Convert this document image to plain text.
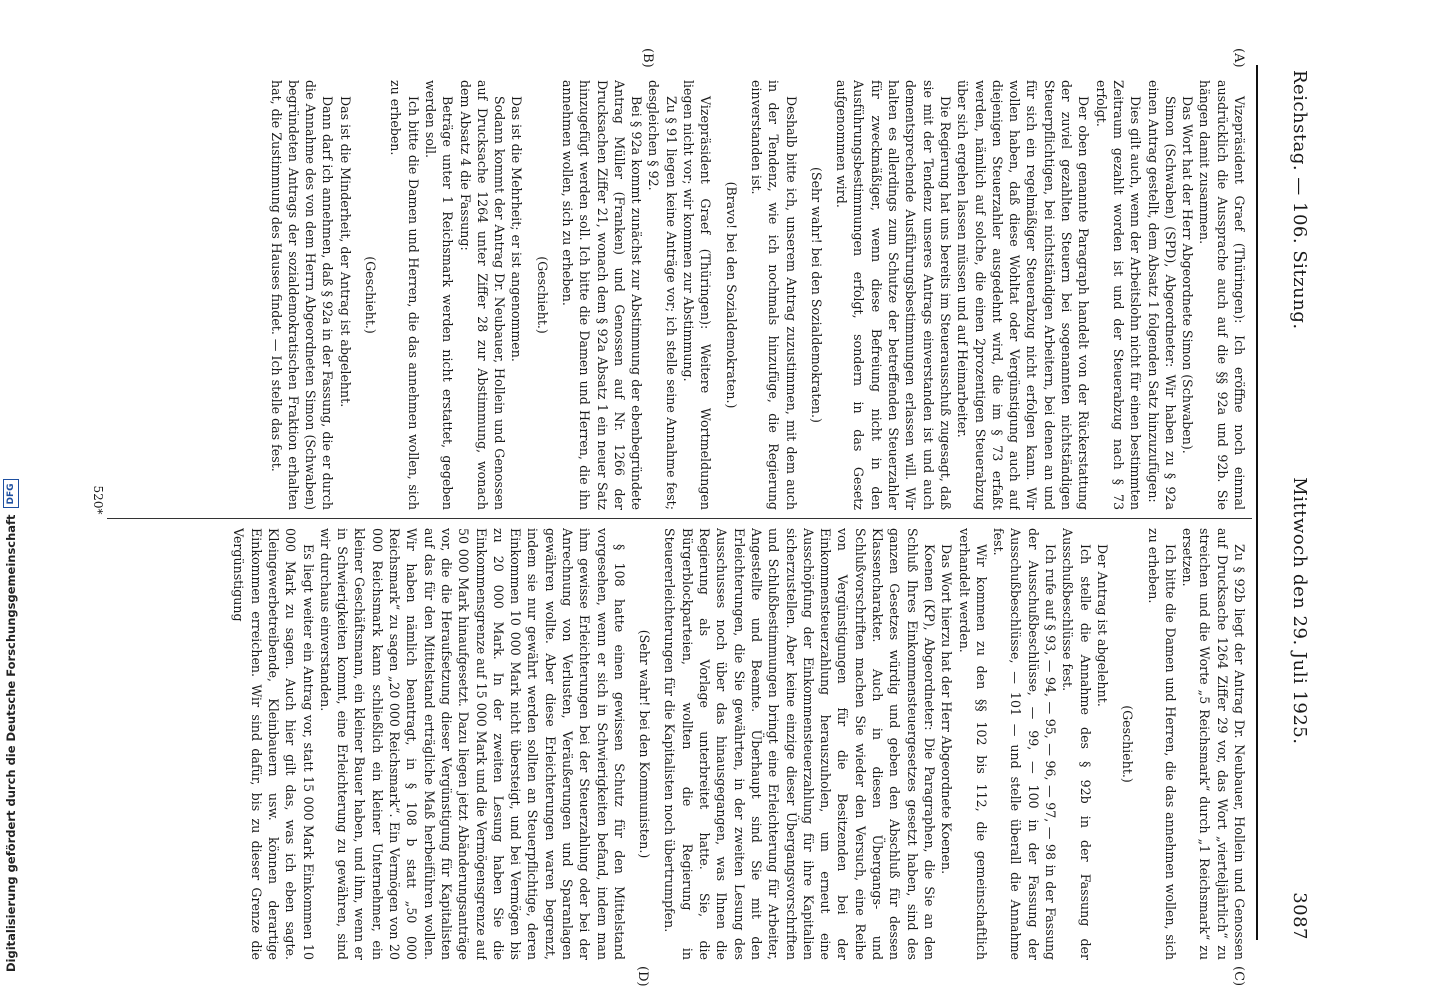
Reichstag. — 106. Sitzung.
Mittwoch den 29. Juli 1925.
3087
(A)
(B)
(C)
(D)

Vizepräsident Graef (Thüringen): Ich eröffne noch einmal ausdrücklich die Aussprache auch auf die §§ 92a und 92b. Sie hängen damit zusammen.

Das Wort hat der Herr Abgeordnete Simon (Schwaben).

Simon (Schwaben) (SPD), Abgeordneter: Wir haben zu § 92a einen Antrag gestellt, dem Absatz 1 folgenden Satz hinzuzufügen:

Dies gilt auch, wenn der Arbeitslohn nicht für einen bestimmten Zeitraum gezahlt worden ist und der Steuerabzug nach § 73 erfolgt.

Der oben genannte Paragraph handelt von der Rückerstattung der zuviel gezahlten Steuern bei sogenannten nichtständigen Steuerpflichtigen, bei nichtständigen Arbeitern, bei denen an und für sich ein regelmäßiger Steuerabzug nicht erfolgen kann. Wir wollen haben, daß diese Wohltat oder Vergünstigung auch auf diejenigen Steuerzahler ausgedehnt wird, die im § 73 erfaßt werden, nämlich auf solche, die einen 2prozentigen Steuerabzug über sich ergehen lassen müssen und auf Heimarbeiter.

Die Regierung hat uns bereits im Steuerausschuß zugesagt, daß sie mit der Tendenz unseres Antrags einverstanden ist und auch dementsprechende Ausführungsbestimmungen erlassen will. Wir halten es allerdings zum Schutze der betreffenden Steuerzahler für zweckmäßiger, wenn diese Befreiung nicht in den Ausführungsbestimmungen erfolgt, sondern in das Gesetz aufgenommen wird.

(Sehr wahr! bei den Sozialdemokraten.)

Deshalb bitte ich, unserem Antrag zuzustimmen, mit dem auch in der Tendenz, wie ich nochmals hinzufüge, die Regierung einverstanden ist.

(Bravo! bei den Sozialdemokraten.)

Vizepräsident Graef (Thüringen): Weitere Wortmeldungen liegen nicht vor; wir kommen zur Abstimmung.

Zu § 91 liegen keine Anträge vor; ich stelle seine Annahme fest; desgleichen § 92.

Bei § 92a kommt zunächst zur Abstimmung der ebenbegründete Antrag Müller (Franken) und Genossen auf Nr. 1266 der Drucksachen Ziffer 21, wonach dem § 92a Absatz 1 ein neuer Satz hinzugefügt werden soll. Ich bitte die Damen und Herren, die ihn annehmen wollen, sich zu erheben.

(Geschieht.)

Das ist die Mehrheit; er ist angenommen.

Sodann kommt der Antrag Dr. Neubauer, Hollein und Genossen auf Drucksache 1264 unter Ziffer 28 zur Abstimmung, wonach dem Absatz 4 die Fassung:

Beträge unter 1 Reichsmark werden nicht erstattet, gegeben werden soll.

Ich bitte die Damen und Herren, die das annehmen wollen, sich zu erheben.

(Geschieht.)

Das ist die Minderheit, der Antrag ist abgelehnt.

Dann darf ich annehmen, daß § 92a in der Fassung, die er durch die Annahme des von dem Herrn Abgeordneten Simon (Schwaben) begründeten Antrags der sozialdemokratischen Fraktion erhalten hat, die Zustimmung des Hauses findet. — Ich stelle das fest.

Zu § 92b liegt der Antrag Dr. Neubauer, Hollein und Genossen auf Drucksache 1264 Ziffer 29 vor, das Wort „vierteljährlich“ zu streichen und die Worte „5 Reichsmark“ durch „1 Reichsmark“ zu ersetzen.

Ich bitte die Damen und Herren, die das annehmen wollen, sich zu erheben.

(Geschieht.)

Der Antrag ist abgelehnt.

Ich stelle die Annahme des § 92b in der Fassung der Ausschußbeschlüsse fest.

Ich rufe auf § 93, — 94, — 95, — 96, — 97, — 98 in der Fassung der Ausschußbeschlüsse, — 99, — 100 in der Fassung der Ausschußbeschlüsse, — 101 — und stelle überall die Annahme fest.

Wir kommen zu den §§ 102 bis 112, die gemeinschaftlich verhandelt werden.

Das Wort hierzu hat der Herr Abgeordnete Koenen.

Koenen (KP), Abgeordneter: Die Paragraphen, die Sie an den Schluß Ihres Einkommensteuergesetzes gesetzt haben, sind des ganzen Gesetzes würdig und geben den Abschluß für dessen Klassencharakter. Auch in diesen Übergangs- und Schlußvorschriften machen Sie wieder den Versuch, eine Reihe von Vergünstigungen für die Besitzenden bei der Einkommensteuerzahlung herauszuholen, um erneut eine Ausschöpfung der Einkommensteuerzahlung für ihre Kapitalien sicherzustellen. Aber keine einzige dieser Übergangsvorschriften und Schlußbestimmungen bringt eine Erleichterung für Arbeiter, Angestellte und Beamte. Überhaupt sind Sie mit den Erleichterungen, die Sie gewährten, in der zweiten Lesung des Ausschusses noch über das hinausgegangen, was Ihnen die Regierung als Vorlage unterbreitet hatte. Sie, die Bürgerblockparteien, wollten die Regierung in Steuererleichterungen für die Kapitalisten noch übertrumpfen.

(Sehr wahr! bei den Kommunisten.)

§ 108 hatte einen gewissen Schutz für den Mittelstand vorgesehen, wenn er sich in Schwierigkeiten befand, indem man ihm gewisse Erleichterungen bei der Steuerzahlung oder bei der Anrechnung von Verlusten, Veräußerungen und Sparanlagen gewähren wollte. Aber diese Erleichterungen waren begrenzt, indem sie nur gewährt werden sollten an Steuerpflichtige, deren Einkommen 10 000 Mark nicht übersteigt, und bei Vermögen bis zu 20 000 Mark. In der zweiten Lesung haben Sie die Einkommensgrenze auf 15 000 Mark und die Vermögensgrenze auf 50 000 Mark hinaufgesetzt. Dazu liegen jetzt Abänderungsanträge vor, die die Heraufsetzung dieser Vergünstigung für Kapitalisten auf das für den Mittelstand erträgliche Maß herbeiführen wollen. Wir haben nämlich beantragt, in § 108 b statt „50 000 Reichsmark“ zu sagen „20 000 Reichsmark“. Ein Vermögen von 20 000 Reichsmark kann schließlich ein kleiner Unternehmer, ein kleiner Geschäftsmann, ein kleiner Bauer haben, und ihm, wenn er in Schwierigkeiten kommt, eine Erleichterung zu gewähren, sind wir durchaus einverstanden.

Es liegt weiter ein Antrag vor, statt 15 000 Mark Einkommen 10 000 Mark zu sagen. Auch hier gilt das, was ich eben sagte. Kleingewerbetreibende, Kleinbauern usw. können derartige Einkommen erreichen. Wir sind dafür, bis zu dieser Grenze die Vergünstigung

520*
Digitalisierung gefördert durch die Deutsche Forschungsgemeinschaft
DFG
